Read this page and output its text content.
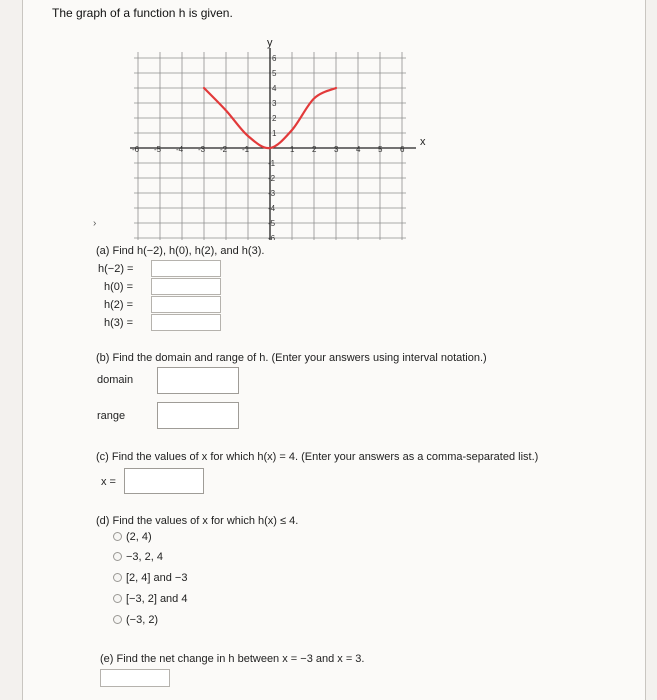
The graph of a function h is given.
x
y
-6 -5 -4 -3 -2 -1	1 2 3 4 5 6
6
5
4
3
2
1
-1
-2
-3
-4
-5
-6
›
(a) Find h(−2), h(0), h(2), and h(3).
h(−2) =
h(0) =
h(2) =
h(3) =
(b) Find the domain and range of h. (Enter your answers using interval notation.)
domain
range
(c) Find the values of x for which h(x) = 4. (Enter your answers as a comma-separated list.)
x =
(d) Find the values of x for which h(x) ≤ 4.
(2, 4)
−3, 2, 4
[2, 4] and −3
[−3, 2] and 4
(−3, 2)
(e) Find the net change in h between x = −3 and x = 3.
